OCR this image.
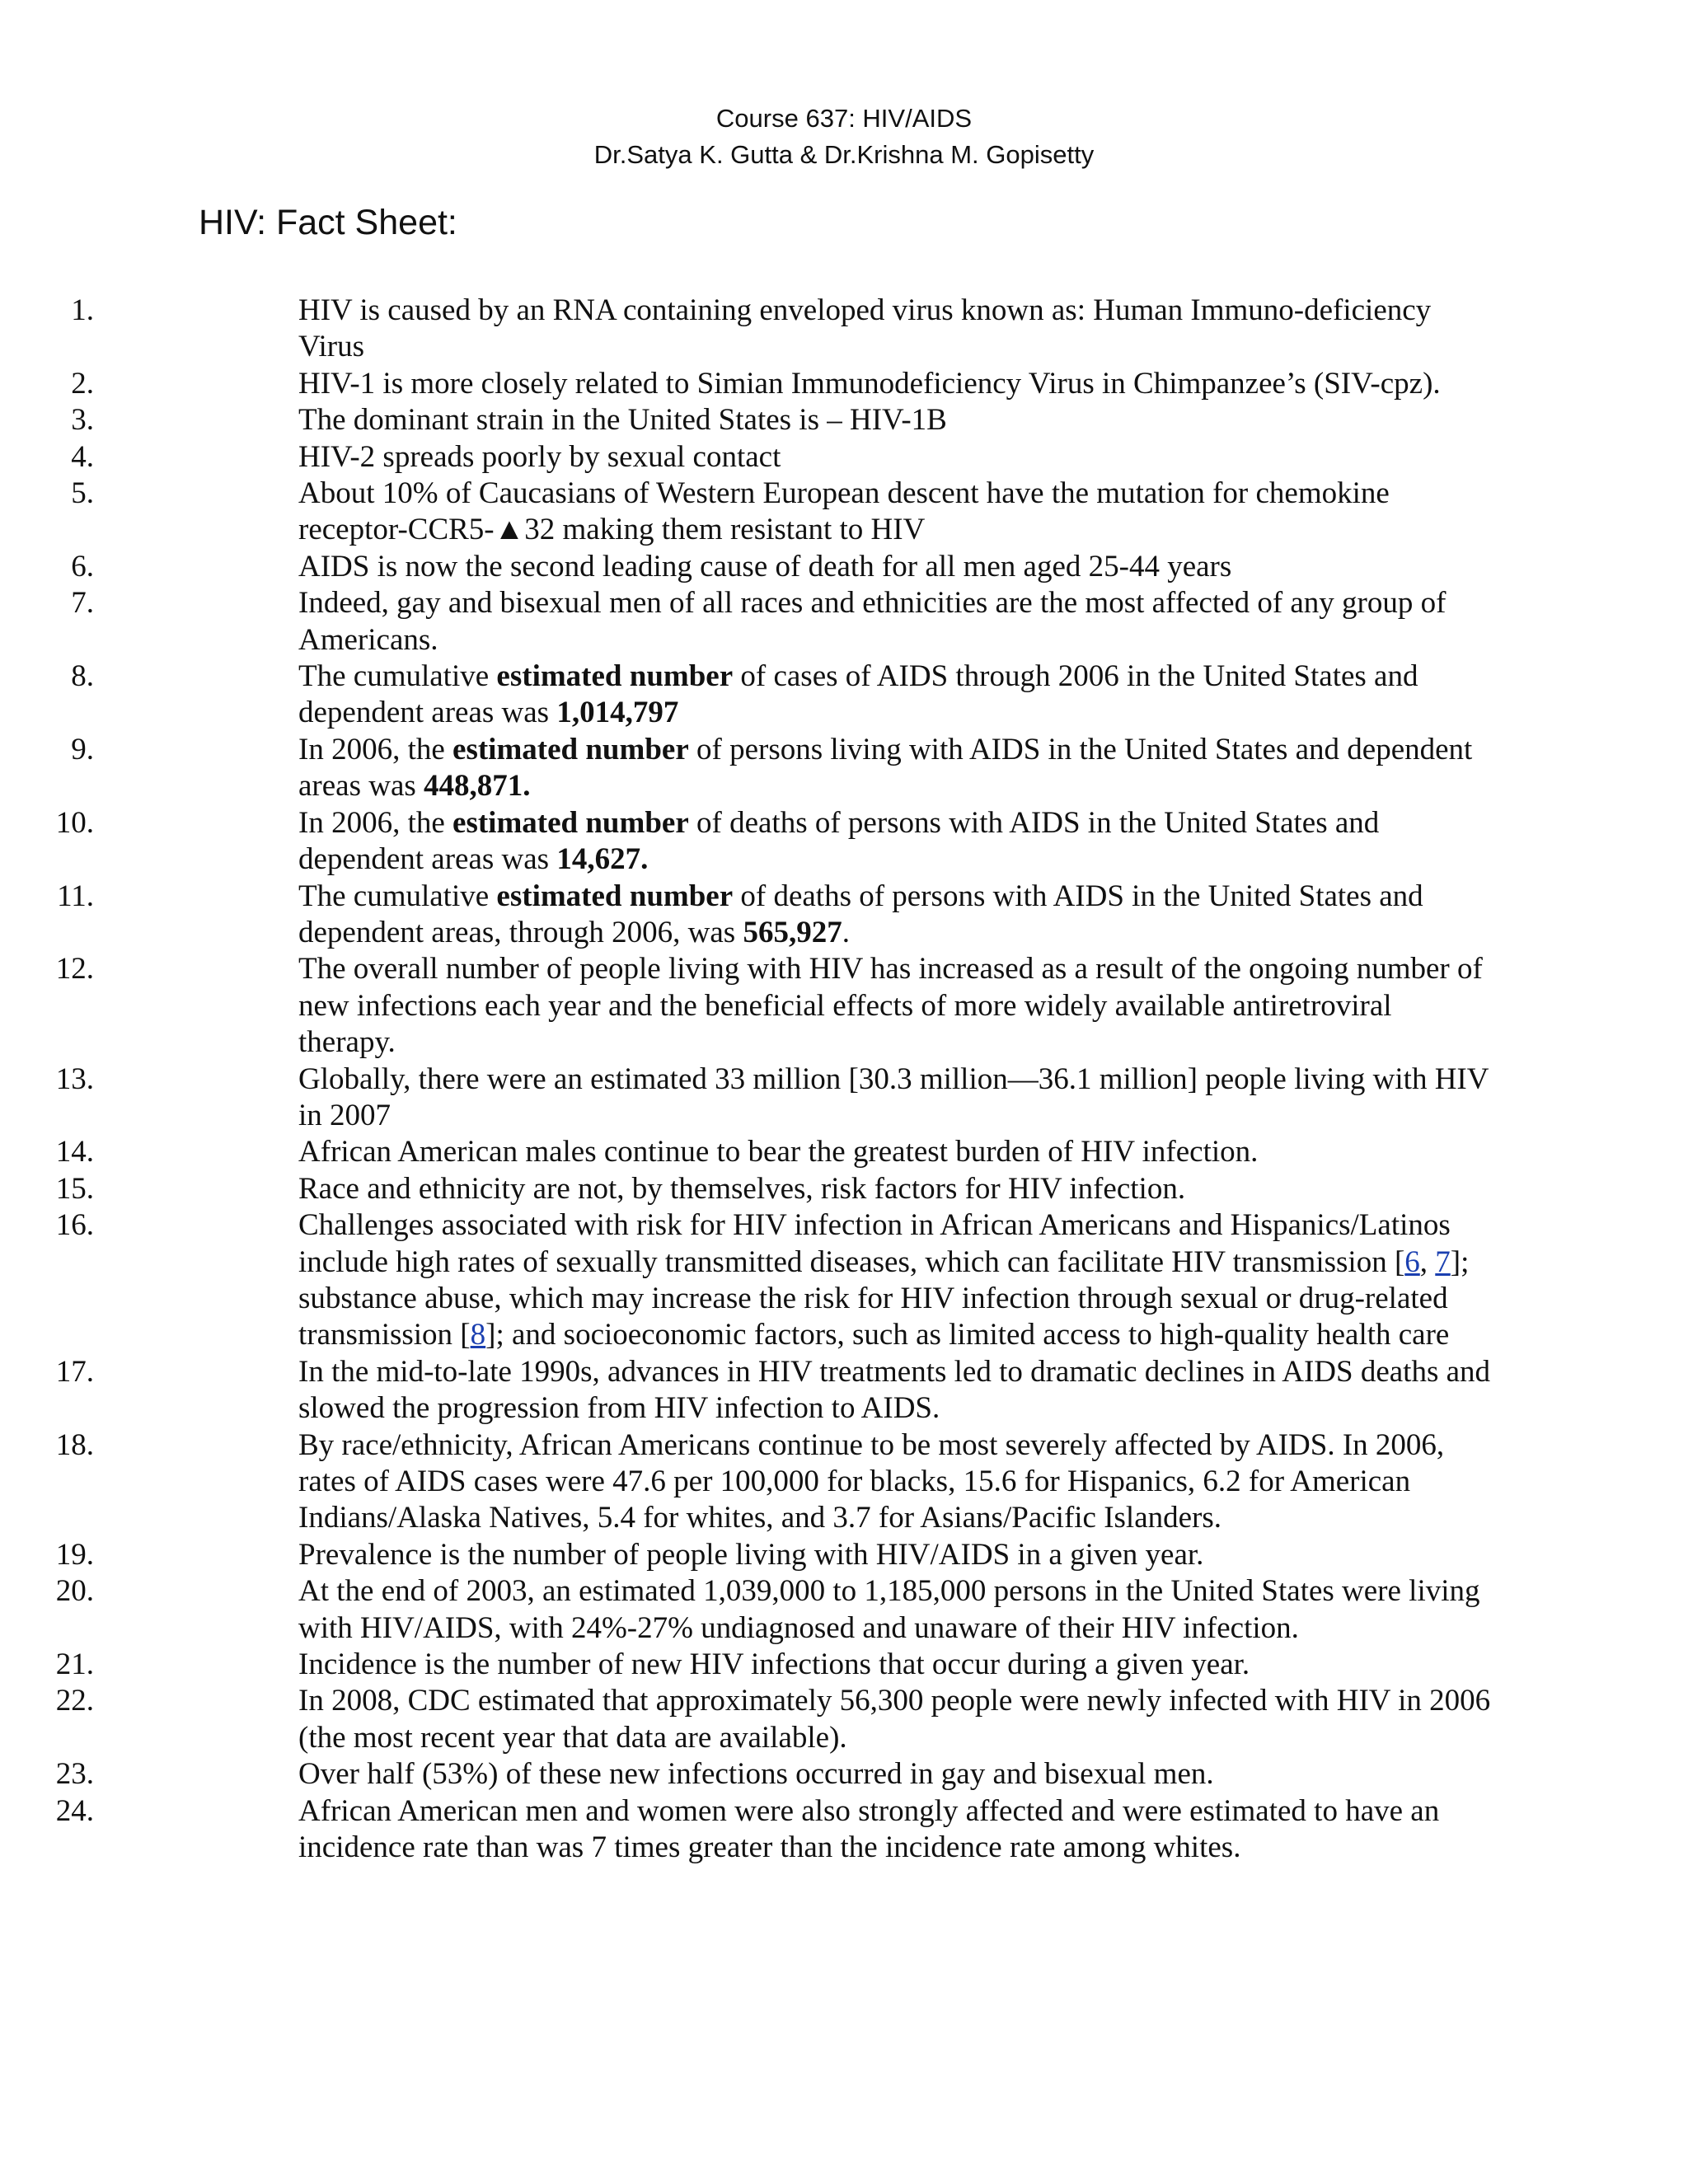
Course 637: HIV/AIDS
Dr.Satya K. Gutta & Dr.Krishna M. Gopisetty
HIV: Fact Sheet:
1.	HIV is caused by an RNA containing enveloped virus known as: Human Immuno-deficiency Virus
2.	HIV-1 is more closely related to Simian Immunodeficiency Virus in Chimpanzee’s (SIV-cpz).
3.	The dominant strain in the United States is – HIV-1B
4.	HIV-2 spreads poorly by sexual contact
5.	About 10% of Caucasians of Western European descent have the mutation for chemokine receptor-CCR5-▲32 making them resistant to HIV
6.	AIDS is now the second leading cause of death for all men aged 25-44 years
7.	Indeed, gay and bisexual men of all races and ethnicities are the most affected of any group of Americans.
8.	The cumulative estimated number of cases of AIDS through 2006 in the United States and dependent areas was 1,014,797
9.	In 2006, the estimated number of persons living with AIDS in the United States and dependent areas was 448,871.
10.	In 2006, the estimated number of deaths of persons with AIDS in the United States and dependent areas was 14,627.
11.	The cumulative estimated number of deaths of persons with AIDS in the United States and dependent areas, through 2006, was 565,927.
12.	The overall number of people living with HIV has increased as a result of the ongoing number of new infections each year and the beneficial effects of more widely available antiretroviral therapy.
13.	Globally, there were an estimated 33 million [30.3 million—36.1 million] people living with HIV in 2007
14.	African American males continue to bear the greatest burden of HIV infection.
15.	Race and ethnicity are not, by themselves, risk factors for HIV infection.
16.	Challenges associated with risk for HIV infection in African Americans and Hispanics/Latinos include high rates of sexually transmitted diseases, which can facilitate HIV transmission [6, 7]; substance abuse, which may increase the risk for HIV infection through sexual or drug-related transmission [8]; and socioeconomic factors, such as limited access to high-quality health care
17.	In the mid-to-late 1990s, advances in HIV treatments led to dramatic declines in AIDS deaths and slowed the progression from HIV infection to AIDS.
18.	By race/ethnicity, African Americans continue to be most severely affected by AIDS. In 2006, rates of AIDS cases were 47.6 per 100,000 for blacks, 15.6 for Hispanics, 6.2 for American Indians/Alaska Natives, 5.4 for whites, and 3.7 for Asians/Pacific Islanders.
19.	Prevalence is the number of people living with HIV/AIDS in a given year.
20.	At the end of 2003, an estimated 1,039,000 to 1,185,000 persons in the United States were living with HIV/AIDS, with 24%-27% undiagnosed and unaware of their HIV infection.
21.	Incidence is the number of new HIV infections that occur during a given year.
22.	In 2008, CDC estimated that approximately 56,300 people were newly infected with HIV in 2006 (the most recent year that data are available).
23.	Over half (53%) of these new infections occurred in gay and bisexual men.
24.	African American men and women were also strongly affected and were estimated to have an incidence rate than was 7 times greater than the incidence rate among whites.
